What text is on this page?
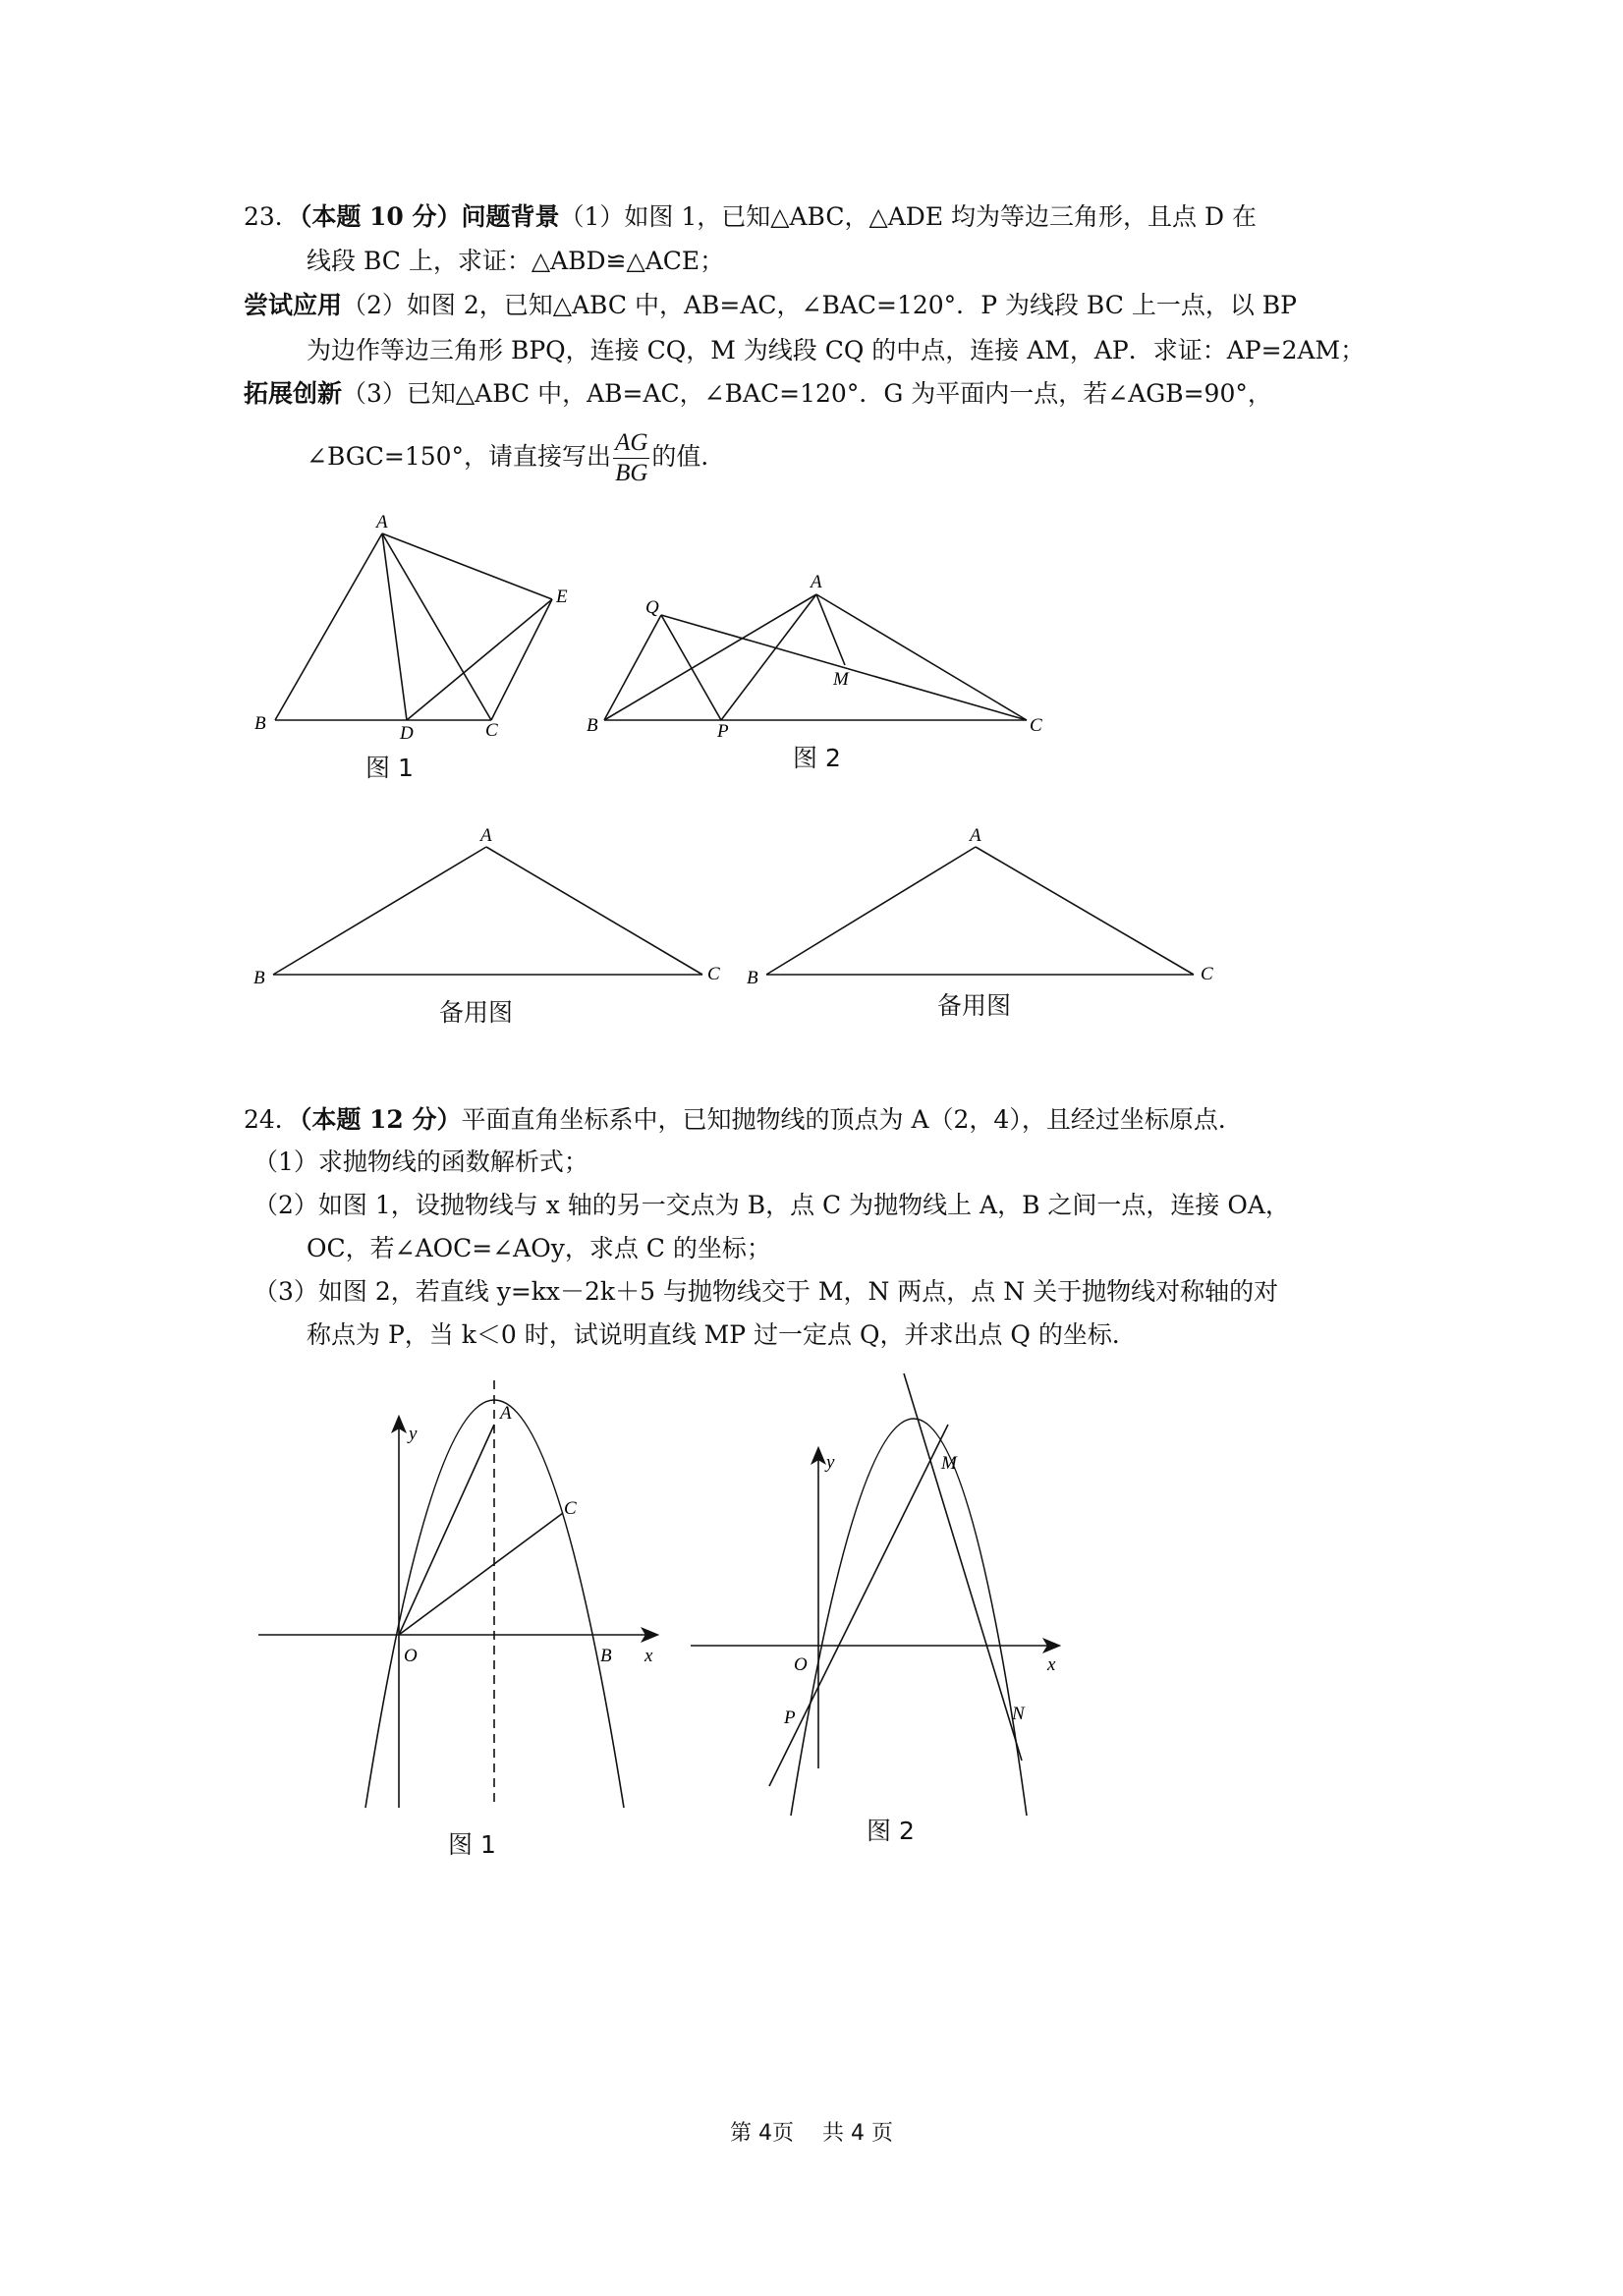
23．（本题 10 分）问题背景（1）如图 1，已知△ABC，△ADE 均为等边三角形，且点 D 在
线段 BC 上，求证：△ABD≌△ACE；
尝试应用（2）如图 2，已知△ABC 中，AB=AC，∠BAC=120°．P 为线段 BC 上一点，以 BP
为边作等边三角形 BPQ，连接 CQ，M 为线段 CQ 的中点，连接 AM，AP．求证：AP=2AM；
拓展创新（3）已知△ABC 中，AB=AC，∠BAC=120°．G 为平面内一点，若∠AGB=90°，
∠BGC=150°，请直接写出 $\frac{AG}{BG}$ 的值．
A
B	D	C
E
图 1
A
Q
M
B	P	C
图 2
A
B	C
备用图
A
B	C
备用图
24．（本题 12 分）平面直角坐标系中，已知抛物线的顶点为 A（2，4），且经过坐标原点．
（1）求抛物线的函数解析式；
（2）如图 1，设抛物线与 x 轴的另一交点为 B，点 C 为抛物线上 A，B 之间一点，连接 OA，
OC，若∠AOC=∠AOy，求点 C 的坐标；
（3）如图 2，若直线 y=kx－2k＋5 与抛物线交于 M，N 两点，点 N 关于抛物线对称轴的对
称点为 P，当 k＜0 时，试说明直线 MP 过一定点 Q，并求出点 Q 的坐标．
y
A
C
O	B x
图 1
y	M
O	x
P	N
图 2
第 4页　 共 4 页
